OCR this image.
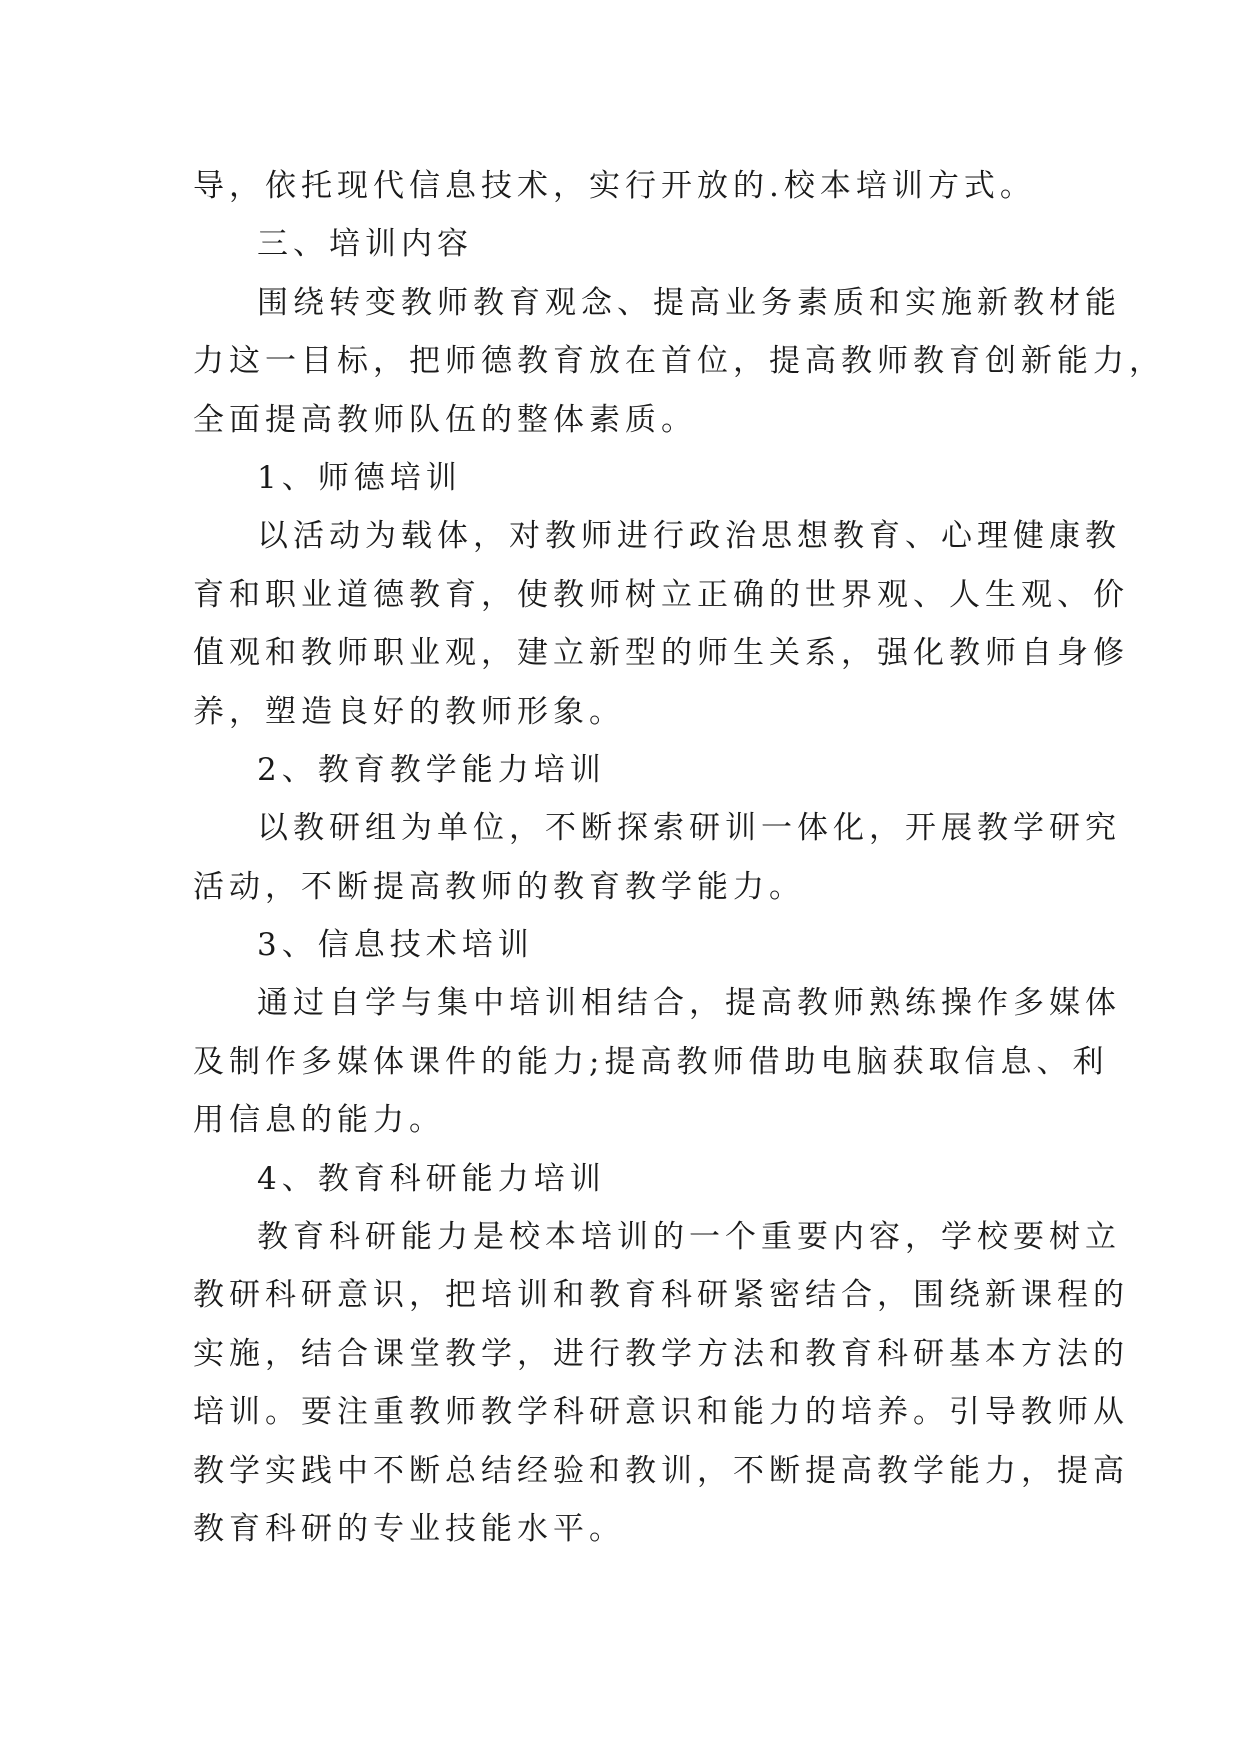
导，依托现代信息技术，实行开放的.校本培训方式。
三、培训内容
围绕转变教师教育观念、提高业务素质和实施新教材能
力这一目标，把师德教育放在首位，提高教师教育创新能力，
全面提高教师队伍的整体素质。
1、师德培训
以活动为载体，对教师进行政治思想教育、心理健康教
育和职业道德教育，使教师树立正确的世界观、人生观、价
值观和教师职业观，建立新型的师生关系，强化教师自身修
养，塑造良好的教师形象。
2、教育教学能力培训
以教研组为单位，不断探索研训一体化，开展教学研究
活动，不断提高教师的教育教学能力。
3、信息技术培训
通过自学与集中培训相结合，提高教师熟练操作多媒体
及制作多媒体课件的能力;提高教师借助电脑获取信息、利
用信息的能力。
4、教育科研能力培训
教育科研能力是校本培训的一个重要内容，学校要树立
教研科研意识，把培训和教育科研紧密结合，围绕新课程的
实施，结合课堂教学，进行教学方法和教育科研基本方法的
培训。要注重教师教学科研意识和能力的培养。引导教师从
教学实践中不断总结经验和教训，不断提高教学能力，提高
教育科研的专业技能水平。
